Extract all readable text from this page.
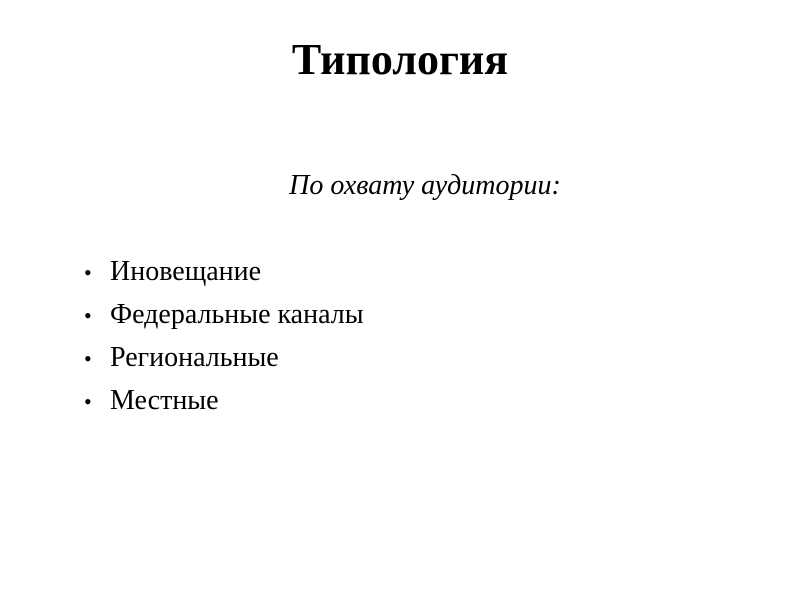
Типология

По охвату аудитории:

• Иновещание
• Федеральные каналы
• Региональные
• Местные
